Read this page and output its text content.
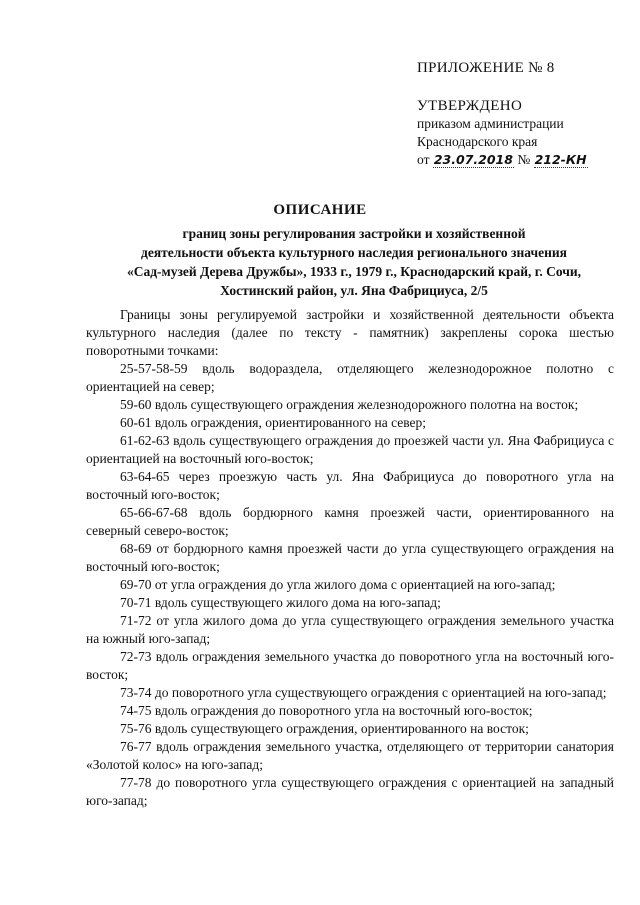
ПРИЛОЖЕНИЕ № 8
УТВЕРЖДЕНО
приказом администрации
Краснодарского края
от 23.07.2018 № 212-КН
ОПИСАНИЕ
границ зоны регулирования застройки и хозяйственной
деятельности объекта культурного наследия регионального значения
«Сад-музей Дерева Дружбы», 1933 г., 1979 г., Краснодарский край, г. Сочи,
Хостинский район, ул. Яна Фабрициуса, 2/5

Границы зоны регулируемой застройки и хозяйственной деятельности объекта культурного наследия (далее по тексту - памятник) закреплены сорока шестью поворотными точками:

25-57-58-59 вдоль водораздела, отделяющего железнодорожное полотно с ориентацией на север;

59-60 вдоль существующего ограждения железнодорожного полотна на восток;

60-61 вдоль ограждения, ориентированного на север;

61-62-63 вдоль существующего ограждения до проезжей части ул. Яна Фабрициуса с ориентацией на восточный юго-восток;

63-64-65 через проезжую часть ул. Яна Фабрициуса до поворотного угла на восточный юго-восток;

65-66-67-68 вдоль бордюрного камня проезжей части, ориентированного на северный северо-восток;

68-69 от бордюрного камня проезжей части до угла существующего ограждения на восточный юго-восток;

69-70 от угла ограждения до угла жилого дома с ориентацией на юго-запад;

70-71 вдоль существующего жилого дома на юго-запад;

71-72 от угла жилого дома до угла существующего ограждения земельного участка на южный юго-запад;

72-73 вдоль ограждения земельного участка до поворотного угла на восточный юго-восток;

73-74 до поворотного угла существующего ограждения с ориентацией на юго-запад;

74-75 вдоль ограждения до поворотного угла на восточный юго-восток;

75-76 вдоль существующего ограждения, ориентированного на восток;

76-77 вдоль ограждения земельного участка, отделяющего от территории санатория «Золотой колос» на юго-запад;

77-78 до поворотного угла существующего ограждения с ориентацией на западный юго-запад;
